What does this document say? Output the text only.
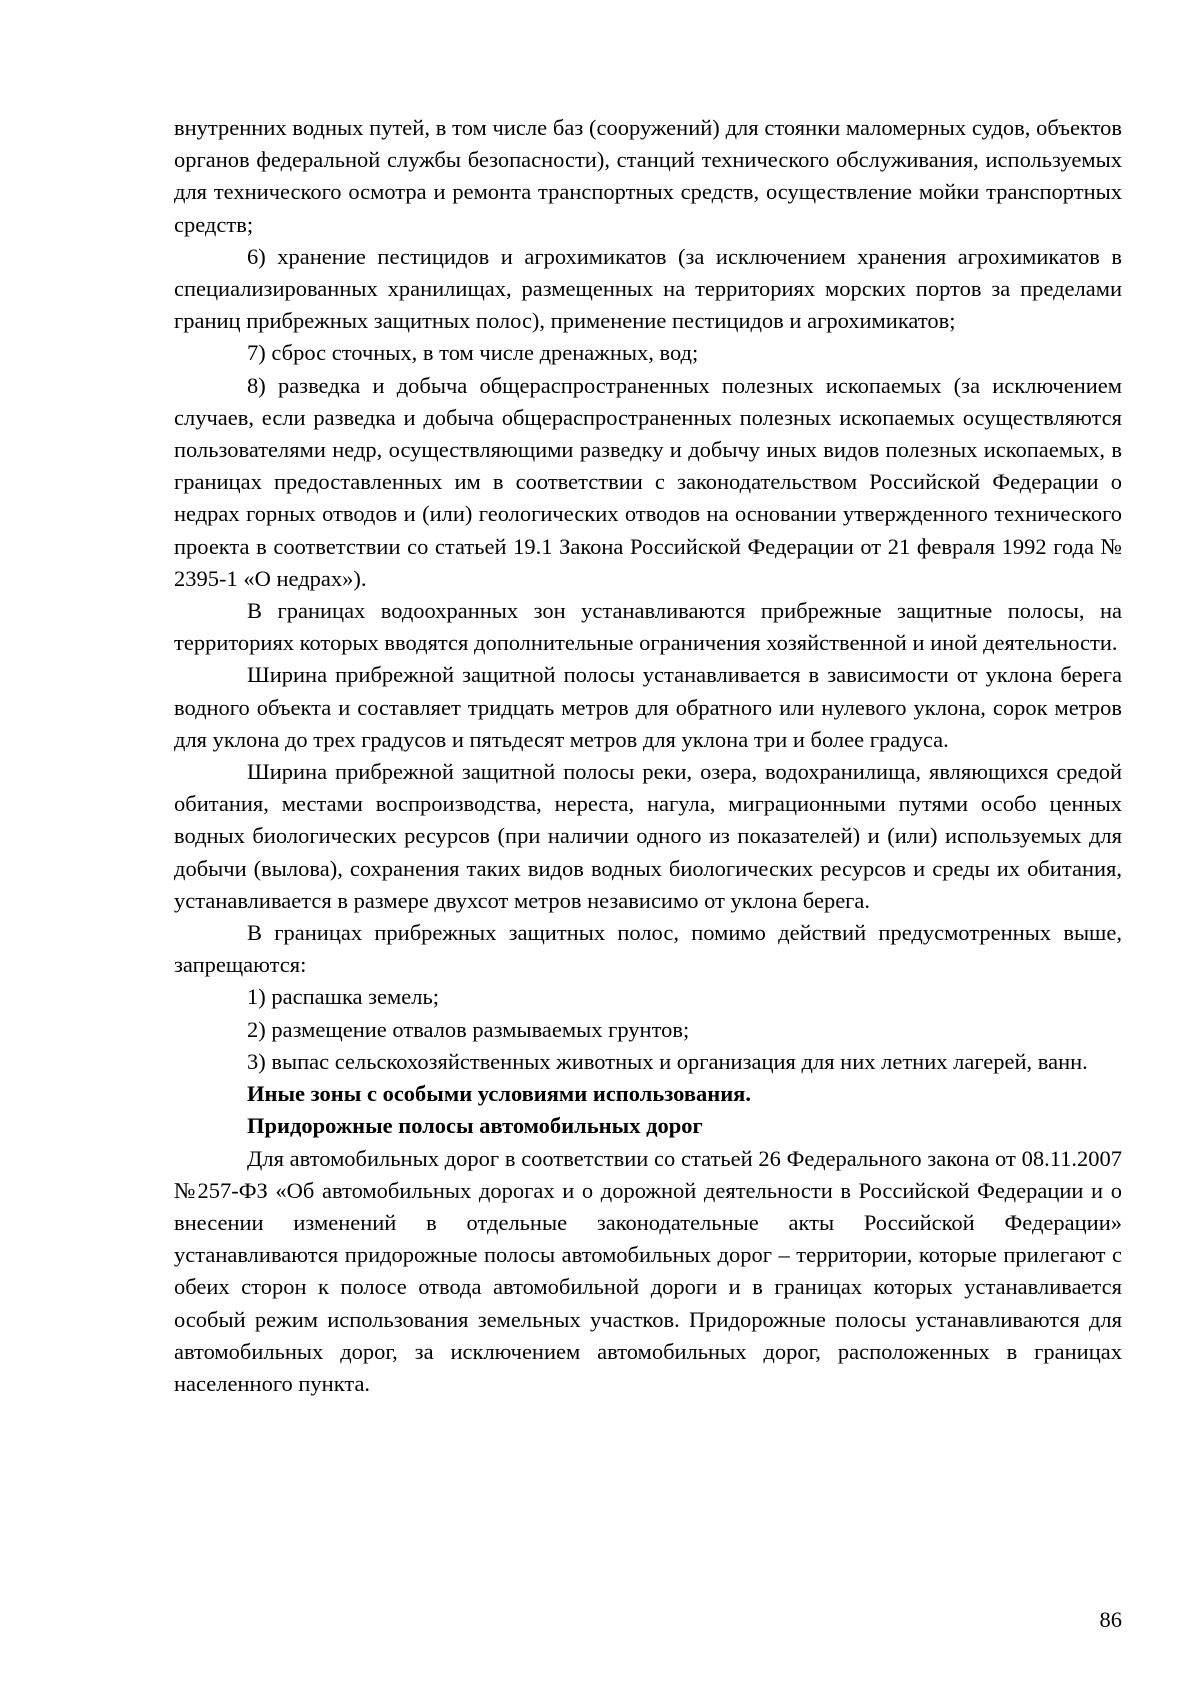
внутренних водных путей, в том числе баз (сооружений) для стоянки маломерных судов, объектов органов федеральной службы безопасности), станций технического обслуживания, используемых для технического осмотра и ремонта транспортных средств, осуществление мойки транспортных средств;

6) хранение пестицидов и агрохимикатов (за исключением хранения агрохимикатов в специализированных хранилищах, размещенных на территориях морских портов за пределами границ прибрежных защитных полос), применение пестицидов и агрохимикатов;

7) сброс сточных, в том числе дренажных, вод;

8) разведка и добыча общераспространенных полезных ископаемых (за исключением случаев, если разведка и добыча общераспространенных полезных ископаемых осуществляются пользователями недр, осуществляющими разведку и добычу иных видов полезных ископаемых, в границах предоставленных им в соответствии с законодательством Российской Федерации о недрах горных отводов и (или) геологических отводов на основании утвержденного технического проекта в соответствии со статьей 19.1 Закона Российской Федерации от 21 февраля 1992 года № 2395-1 «О недрах»).

В границах водоохранных зон устанавливаются прибрежные защитные полосы, на территориях которых вводятся дополнительные ограничения хозяйственной и иной деятельности.

Ширина прибрежной защитной полосы устанавливается в зависимости от уклона берега водного объекта и составляет тридцать метров для обратного или нулевого уклона, сорок метров для уклона до трех градусов и пятьдесят метров для уклона три и более градуса.

Ширина прибрежной защитной полосы реки, озера, водохранилища, являющихся средой обитания, местами воспроизводства, нереста, нагула, миграционными путями особо ценных водных биологических ресурсов (при наличии одного из показателей) и (или) используемых для добычи (вылова), сохранения таких видов водных биологических ресурсов и среды их обитания, устанавливается в размере двухсот метров независимо от уклона берега.

В границах прибрежных защитных полос, помимо действий предусмотренных выше, запрещаются:

1) распашка земель;

2) размещение отвалов размываемых грунтов;

3) выпас сельскохозяйственных животных и организация для них летних лагерей, ванн.

Иные зоны с особыми условиями использования.

Придорожные полосы автомобильных дорог

Для автомобильных дорог в соответствии со статьей 26 Федерального закона от 08.11.2007 №257-ФЗ «Об автомобильных дорогах и о дорожной деятельности в Российской Федерации и о внесении изменений в отдельные законодательные акты Российской Федерации» устанавливаются придорожные полосы автомобильных дорог – территории, которые прилегают с обеих сторон к полосе отвода автомобильной дороги и в границах которых устанавливается особый режим использования земельных участков. Придорожные полосы устанавливаются для автомобильных дорог, за исключением автомобильных дорог, расположенных в границах населенного пункта.

86
